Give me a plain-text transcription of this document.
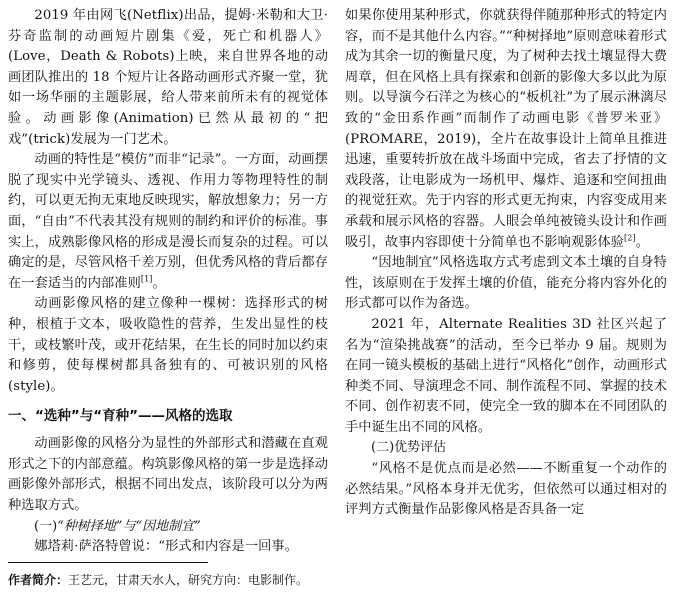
2019 年由网飞(Netflix)出品，提姆·米勒和大卫·芬奇监制的动画短片剧集《爱，死亡和机器人》(Love，Death & Robots)上映，来自世界各地的动画团队推出的 18 个短片让各路动画形式齐聚一堂，犹如一场华丽的主题影展，给人带来前所未有的视觉体验。动画影像(Animation)已然从最初的“把戏”(trick)发展为一门艺术。

动画的特性是“模仿”而非“记录”。一方面，动画摆脱了现实中光学镜头、透视、作用力等物理特性的制约，可以更无拘无束地反映现实，解放想象力；另一方面，“自由”不代表其没有规则的制约和评价的标准。事实上，成熟影像风格的形成是漫长而复杂的过程。可以确定的是，尽管风格千差万别，但优秀风格的背后都存在一套适当的内部准则[1]。

动画影像风格的建立像种一棵树：选择形式的树种，根植于文本，吸收隐性的营养，生发出显性的枝干，或枝繁叶茂，或开花结果，在生长的同时加以约束和修剪，使每棵树都具备独有的、可被识别的风格(style)。

一、“选种”与“育种”——风格的选取

动画影像的风格分为显性的外部形式和潜藏在直观形式之下的内部意蕴。构筑影像风格的第一步是选择动画影像外部形式，根据不同出发点，该阶段可以分为两种选取方式。

(一)“种树择地”与“因地制宜”

娜塔莉·萨洛特曾说：“形式和内容是一回事。

如果你使用某种形式，你就获得伴随那种形式的特定内容，而不是其他什么内容。”“种树择地”原则意味着形式成为其余一切的衡量尺度，为了树种去找土壤显得大费周章，但在风格上具有探索和创新的影像大多以此为原则。以导演今石洋之为核心的“板机社”为了展示淋漓尽致的“金田系作画”而制作了动画电影《普罗米亚》(PROMARE，2019)，全片在故事设计上简单且推进迅速，重要转折放在战斗场面中完成，省去了抒情的文戏段落，让电影成为一场机甲、爆炸、追逐和空间扭曲的视觉狂欢。先于内容的形式更无拘束，内容变成用来承载和展示风格的容器。人眼会单纯被镜头设计和作画吸引，故事内容即使十分简单也不影响观影体验[2]。

“因地制宜”风格选取方式考虑到文本土壤的自身特性，该原则在于发挥土壤的价值，能充分将内容外化的形式都可以作为备选。

2021 年，Alternate Realities 3D 社区兴起了名为“渲染挑战赛”的活动，至今已举办 9 届。规则为在同一镜头模板的基础上进行“风格化”创作，动画形式种类不同、导演理念不同、制作流程不同、掌握的技术不同、创作初衷不同，使完全一致的脚本在不同团队的手中诞生出不同的风格。

(二)优势评估

“风格不是优点而是必然——不断重复一个动作的必然结果。”风格本身并无优劣，但依然可以通过相对的评判方式衡量作品影像风格是否具备一定

作者简介：王艺元，甘肃天水人，研究方向：电影制作。
